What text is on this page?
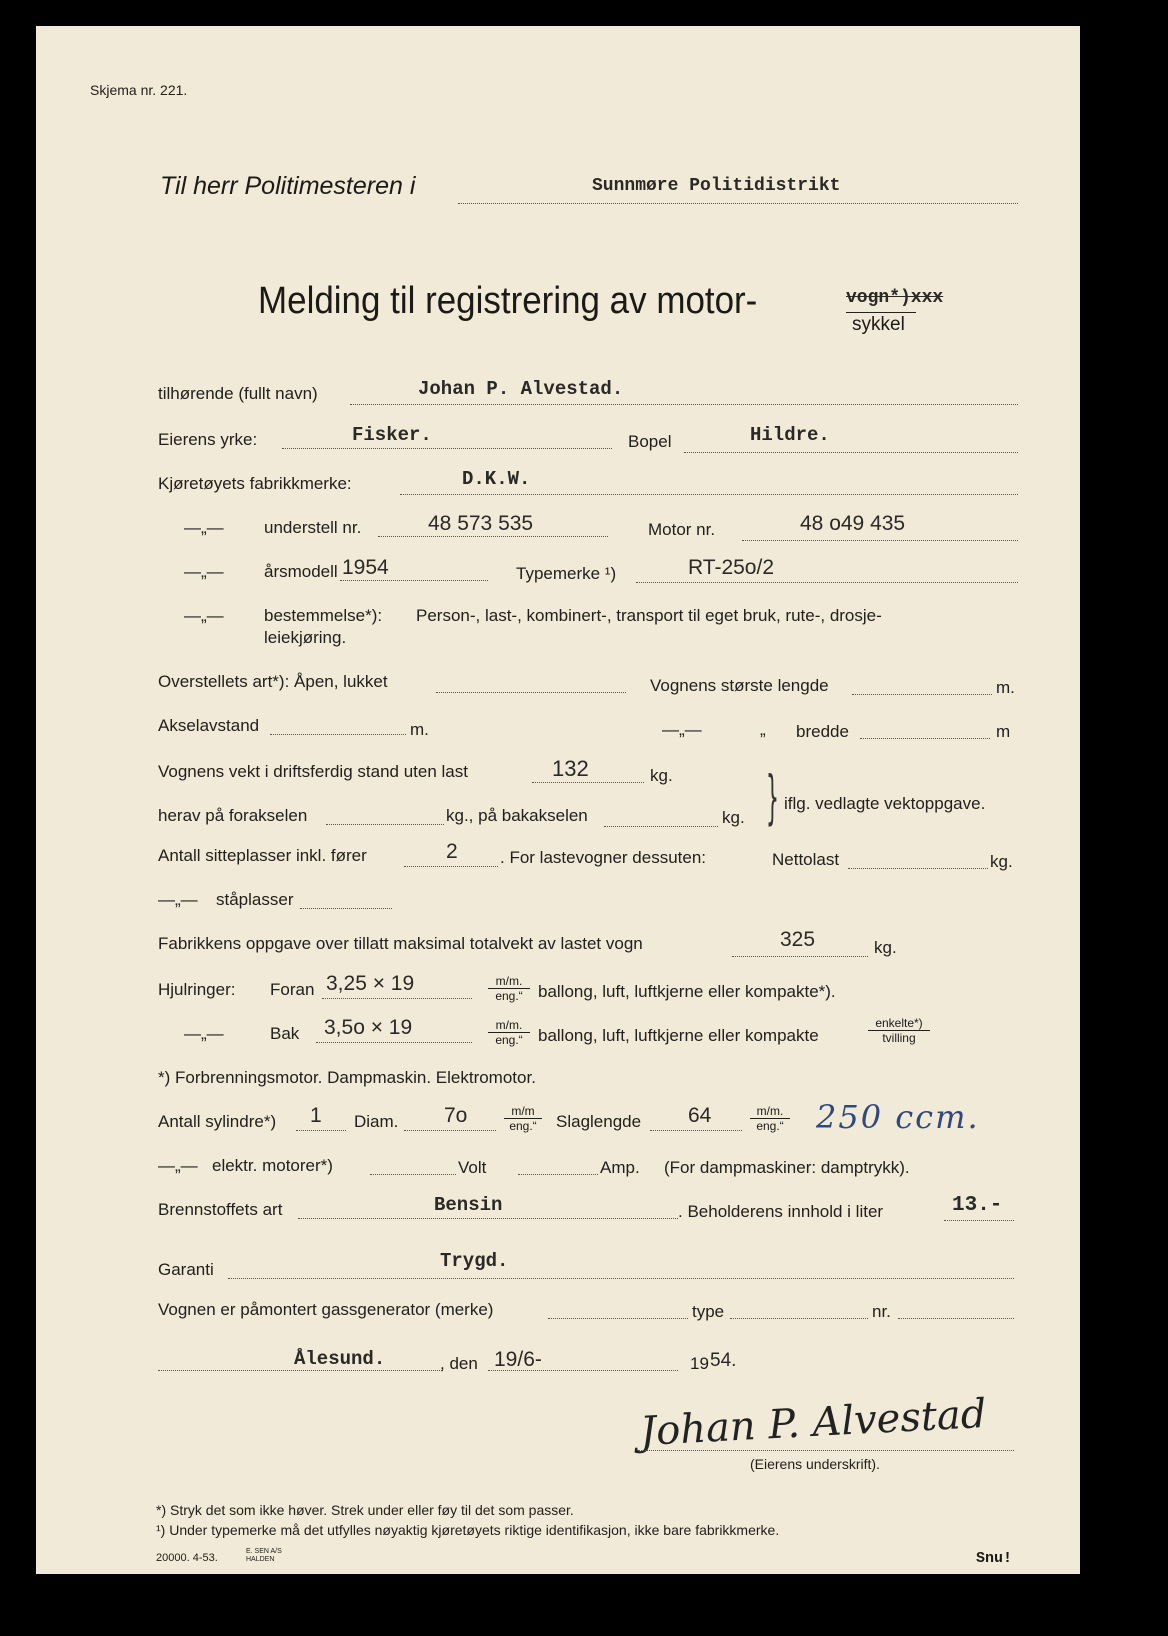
Skjema nr. 221.
Til herr Politimesteren i	Sunnmøre Politidistrikt
Melding til registrering av motor-	vogn*)xxx
sykkel
tilhørende (fullt navn)	Johan P. Alvestad.
Eierens yrke:	Fisker.	Bopel	Hildre.
Kjøretøyets fabrikkmerke:	D.K.W.
—„— understell nr.	48 573 535	Motor nr.	48 o49 435
—„— årsmodell 1954	Typemerke ¹)	RT-25o/2
—„— bestemmelse*): Person-, last-, kombinert-, transport til eget bruk, rute-, drosje-
leiekjøring.
Overstellets art*): Åpen, lukket	Vognens største lengde	m.
Akselavstand	m.	—„—	„ bredde	m
Vognens vekt i driftsferdig stand uten last	132	kg.
herav på forakselen	kg., på bakakselen	kg. } iflg. vedlagte vektoppgave.
Antall sitteplasser inkl. fører	2 . For lastevogner dessuten:	Nettolast	kg.
—„— ståplasser
Fabrikkens oppgave over tillatt maksimal totalvekt av lastet vogn	325	kg.
Hjulringer: Foran 3,25 × 19	m/m.
eng.“ ballong, luft, luftkjerne eller kompakte*).
—„—	Bak 3,5o × 19	m/m.
eng.“ ballong, luft, luftkjerne eller kompakte
enkelte*)
tvilling
*) Forbrenningsmotor. Dampmaskin. Elektromotor.
Antall sylindre*) 1 Diam. 7o	m/m
eng.“	Slaglengde 64	m/m.
eng.“ 250 ccm.
—„— elektr. motorer*)	Volt	Amp. (For dampmaskiner: damptrykk).
Brennstoffets art	Bensin	. Beholderens innhold i liter	13.-
Garanti	Trygd.
Vognen er påmontert gassgenerator (merke)	type	nr.
Ålesund.	, den 19/6-	19 54.
Johan P. Alvestad
(Eierens underskrift).
*) Stryk det som ikke høver. Strek under eller føy til det som passer.
¹) Under typemerke må det utfylles nøyaktig kjøretøyets riktige identifikasjon, ikke bare fabrikkmerke.
20000. 4-53.
E. SEN A/S HALDEN	Snu!
